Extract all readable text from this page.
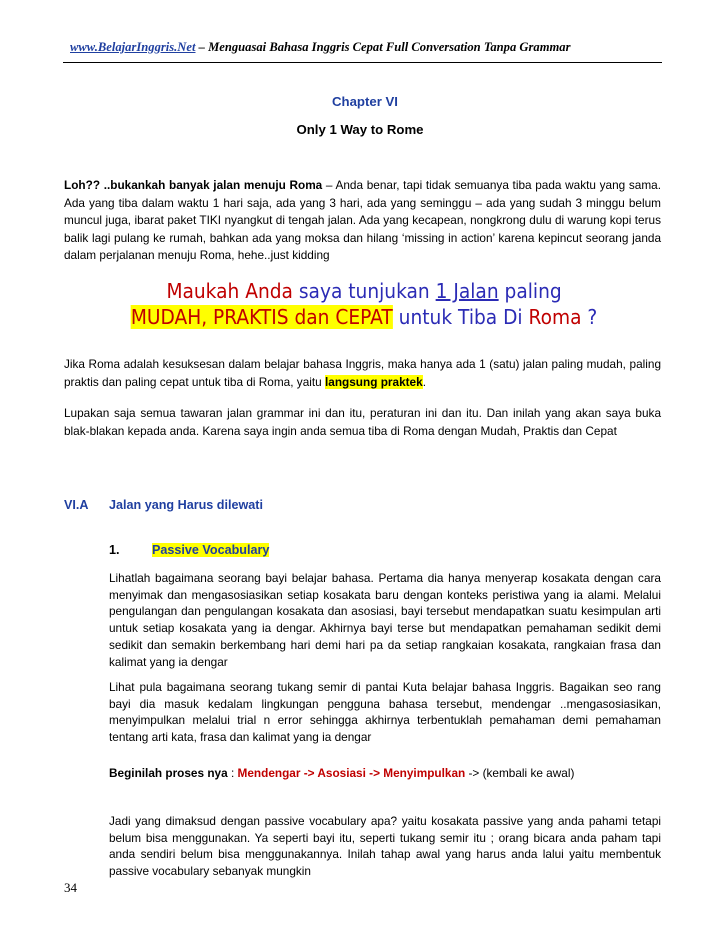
www.BelajarInggris.Net – Menguasai Bahasa Inggris Cepat Full Conversation Tanpa Grammar
Chapter VI
Only 1 Way to Rome
Loh?? ..bukankah banyak jalan menuju Roma – Anda benar, tapi tidak semuanya tiba pada waktu yang sama. Ada yang tiba dalam waktu 1 hari saja, ada yang 3 hari, ada yang seminggu – ada yang sudah 3 minggu belum muncul juga, ibarat paket TIKI nyangkut di tengah jalan. Ada yang kecapean, nongkrong dulu di warung kopi terus balik lagi pulang ke rumah, bahkan ada yang moksa dan hilang ‘missing in action’ karena kepincut seorang janda dalam perjalanan menuju Roma, hehe..just kidding
Maukah Anda saya tunjukan 1 Jalan paling
MUDAH, PRAKTIS dan CEPAT untuk Tiba Di Roma ?
Jika Roma adalah kesuksesan dalam belajar bahasa Inggris, maka hanya ada 1 (satu) jalan paling mudah, paling praktis dan paling cepat untuk tiba di Roma, yaitu langsung praktek.
Lupakan saja semua tawaran jalan grammar ini dan itu, peraturan ini dan itu. Dan inilah yang akan saya buka blak-blakan kepada anda. Karena saya ingin anda semua tiba di Roma dengan Mudah, Praktis dan Cepat
VI.A Jalan yang Harus dilewati
1.	Passive Vocabulary
Lihatlah bagaimana seorang bayi belajar bahasa. Pertama dia hanya menyerap kosakata dengan cara menyimak dan mengasosiasikan setiap kosakata baru dengan konteks peristiwa yang ia alami. Melalui pengulangan dan pengulangan kosakata dan asosiasi, bayi tersebut mendapatkan suatu kesimpulan arti untuk setiap kosakata yang ia dengar. Akhirnya bayi terse but mendapatkan pemahaman sedikit demi sedikit dan semakin berkembang hari demi hari pa da setiap rangkaian kosakata, rangkaian frasa dan kalimat yang ia dengar
Lihat pula bagaimana seorang tukang semir di pantai Kuta belajar bahasa Inggris. Bagaikan seo rang bayi dia masuk kedalam lingkungan pengguna bahasa tersebut, mendengar ..mengasosiasikan, menyimpulkan melalui trial n error sehingga akhirnya terbentuklah pemahaman demi pemahaman tentang arti kata, frasa dan kalimat yang ia dengar
Beginilah proses nya : Mendengar -> Asosiasi -> Menyimpulkan -> (kembali ke awal)
Jadi yang dimaksud dengan passive vocabulary apa? yaitu kosakata passive yang anda pahami tetapi belum bisa menggunakan. Ya seperti bayi itu, seperti tukang semir itu ; orang bicara anda paham tapi anda sendiri belum bisa menggunakannya. Inilah tahap awal yang harus anda lalui yaitu membentuk passive vocabulary sebanyak mungkin
34
